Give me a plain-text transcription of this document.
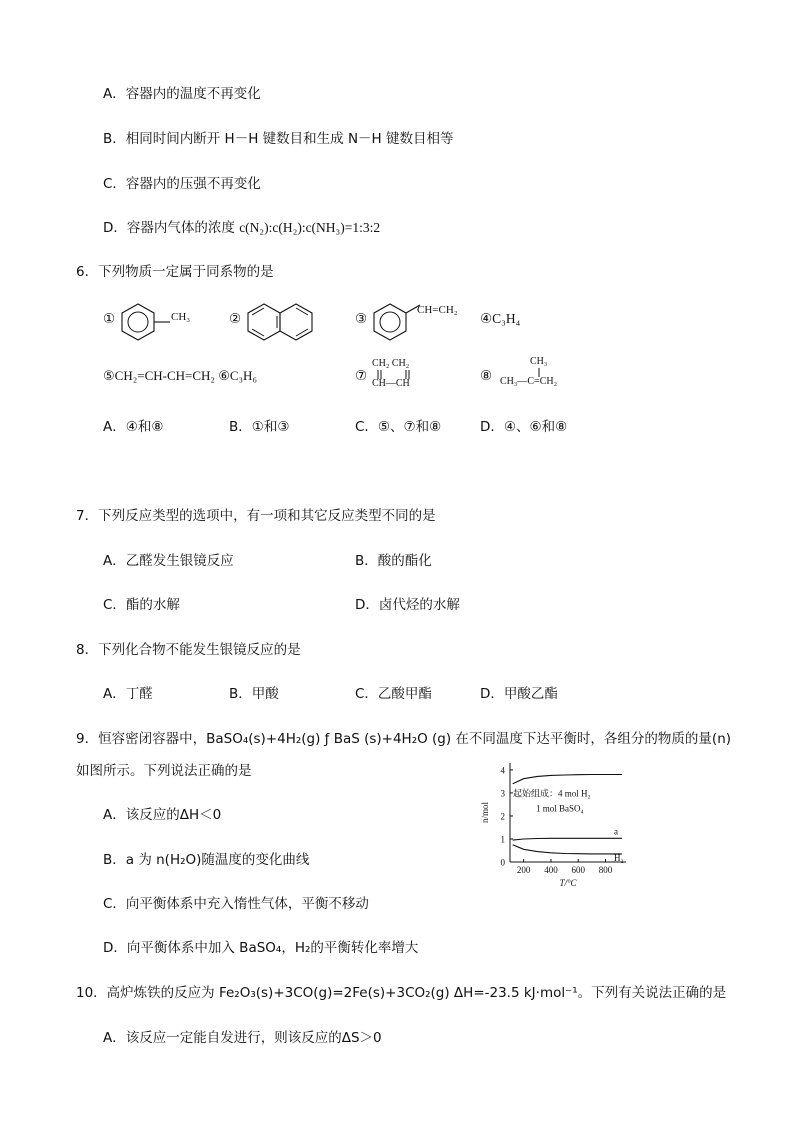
A．容器内的温度不再变化
B．相同时间内断开 H－H 键数目和生成 N－H 键数目相等
C．容器内的压强不再变化
D．容器内气体的浓度 c(N₂):c(H₂):c(NH₃)=1:3:2
6．下列物质一定属于同系物的是
①	CH₃	②	③
CH=CH₂
④C₃H₄
⑤CH₂=CH-CH=CH₂ ⑥C₃H₆	⑦
CH₂ CH₂
CH—CH	⑧
CH₃
CH₃—C=CH₂
A．④和⑧	B．①和③	C．⑤、⑦和⑧	D．④、⑥和⑧
7．下列反应类型的选项中，有一项和其它反应类型不同的是
A．乙醛发生银镜反应	B．酸的酯化
C．酯的水解	D．卤代烃的水解
8．下列化合物不能发生银镜反应的是
A．丁醛	B．甲酸	C．乙酸甲酯	D．甲酸乙酯
9．恒容密闭容器中，BaSO₄(s)+4H₂(g) ƒ BaS (s)+4H₂O (g) 在不同温度下达平衡时，各组分的物质的量(n)
如图所示。下列说法正确的是
A．该反应的ΔH＜0
B．a 为 n(H₂O)随温度的变化曲线
C．向平衡体系中充入惰性气体，平衡不移动
D．向平衡体系中加入 BaSO₄，H₂的平衡转化率增大
0
1
2
3
4
200 400 600 800
a
H₂
T/°C
n/mol
起始组成：4 mol H₂
1 mol BaSO₄
10．高炉炼铁的反应为 Fe₂O₃(s)+3CO(g)=2Fe(s)+3CO₂(g) ΔH=-23.5 kJ·mol⁻¹。下列有关说法正确的是
A．该反应一定能自发进行，则该反应的ΔS＞0
